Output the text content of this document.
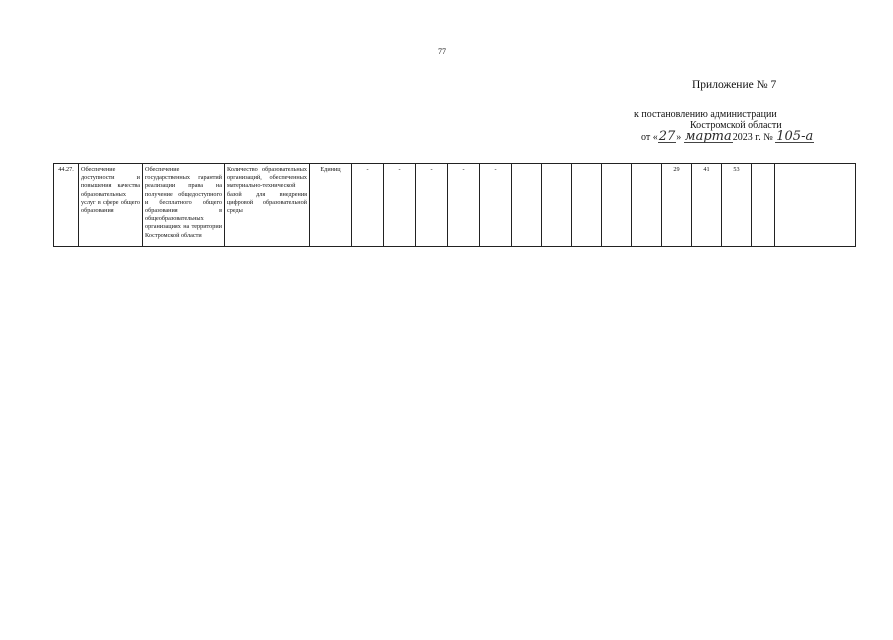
77
Приложение № 7
к постановлению администрации
Костромской области
от «27» марта2023 г. № 105-а
44.27.	Обеспечение доступности и повышения качества образовательных услуг в сфере общего образования	Обеспечение государственных гарантий реализации права на получение общедоступного и бесплатного общего образования в общеобразовательных организациях на территории Костромской области	Количество образовательных организаций, обеспеченных материально-технической базой для внедрения цифровой образовательной среды	Единиц	-	-	-	-	-						29	41	53		
